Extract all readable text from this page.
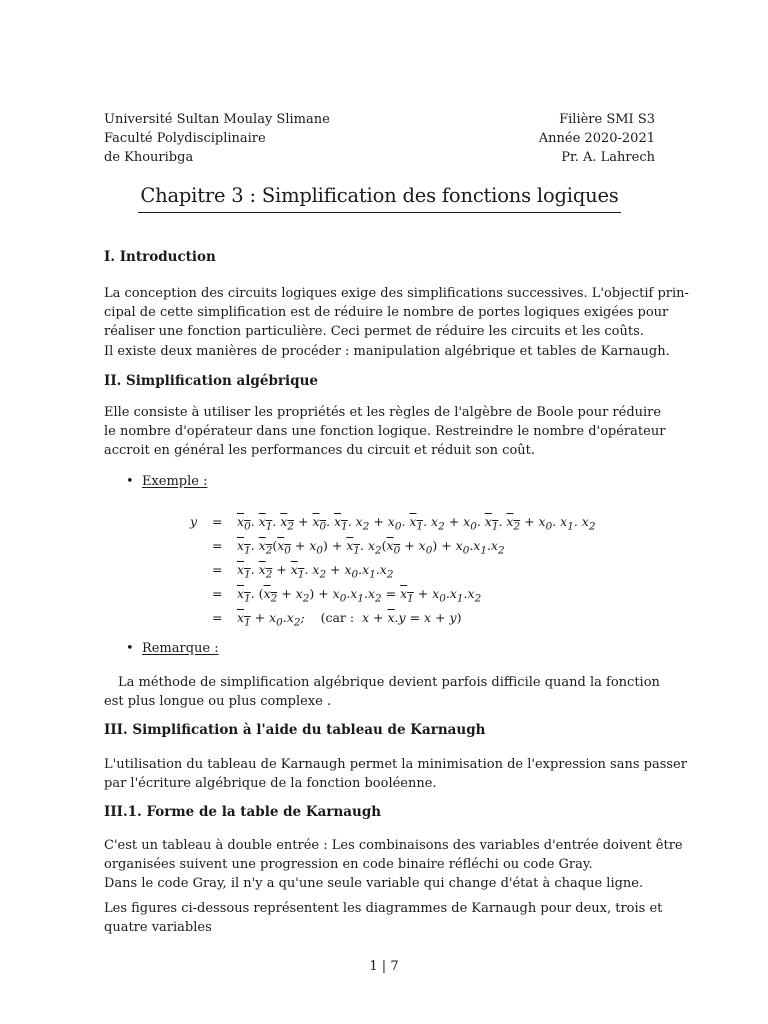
Université Sultan Moulay Slimane
Faculté Polydisciplinaire
de Khouribga
Filière SMI S3
Année 2020-2021
Pr. A. Lahrech
Chapitre 3 : Simplification des fonctions logiques
I. Introduction
La conception des circuits logiques exige des simplifications successives. L'objectif prin-
cipal de cette simplification est de réduire le nombre de portes logiques exigées pour
réaliser une fonction particulière. Ceci permet de réduire les circuits et les coûts.
Il existe deux manières de procéder : manipulation algébrique et tables de Karnaugh.
II. Simplification algébrique
Elle consiste à utiliser les propriétés et les règles de l'algèbre de Boole pour réduire
le nombre d'opérateur dans une fonction logique. Restreindre le nombre d'opérateur
accroit en général les performances du circuit et réduit son coût.
•  Exemple :
y	= $x_0$. $x_1$. $x_2 + x_0$. $x_1$. $x_2 + x_0$. $x_1$. $x_2 + x_0$. $x_1$. $x_2 + x_0$. $x_1$. $x_2$
= $x_1$. $x_2(x_0 + x_0) + x_1$. $x_2(x_0 + x_0) + x_0.x_1.x_2$
= $x_1$. $x_2 + x_1$. $x_2 + x_0.x_1.x_2$
= $x_1$. $(x_2 + x_2) + x_0.x_1.x_2 = x_1 + x_0.x_1.x_2$
= $x_1 + x_0.x_2$;    (car :  $x + \overline{x}.y = x + y$)
•  Remarque :
La méthode de simplification algébrique devient parfois difficile quand la fonction
est plus longue ou plus complexe .
III. Simplification à l'aide du tableau de Karnaugh
L'utilisation du tableau de Karnaugh permet la minimisation de l'expression sans passer
par l'écriture algébrique de la fonction booléenne.
III.1. Forme de la table de Karnaugh
C'est un tableau à double entrée : Les combinaisons des variables d'entrée doivent être
organisées suivent une progression en code binaire réfléchi ou code Gray.
Dans le code Gray, il n'y a qu'une seule variable qui change d'état à chaque ligne.
Les figures ci-dessous représentent les diagrammes de Karnaugh pour deux, trois et
quatre variables
1 | 7
